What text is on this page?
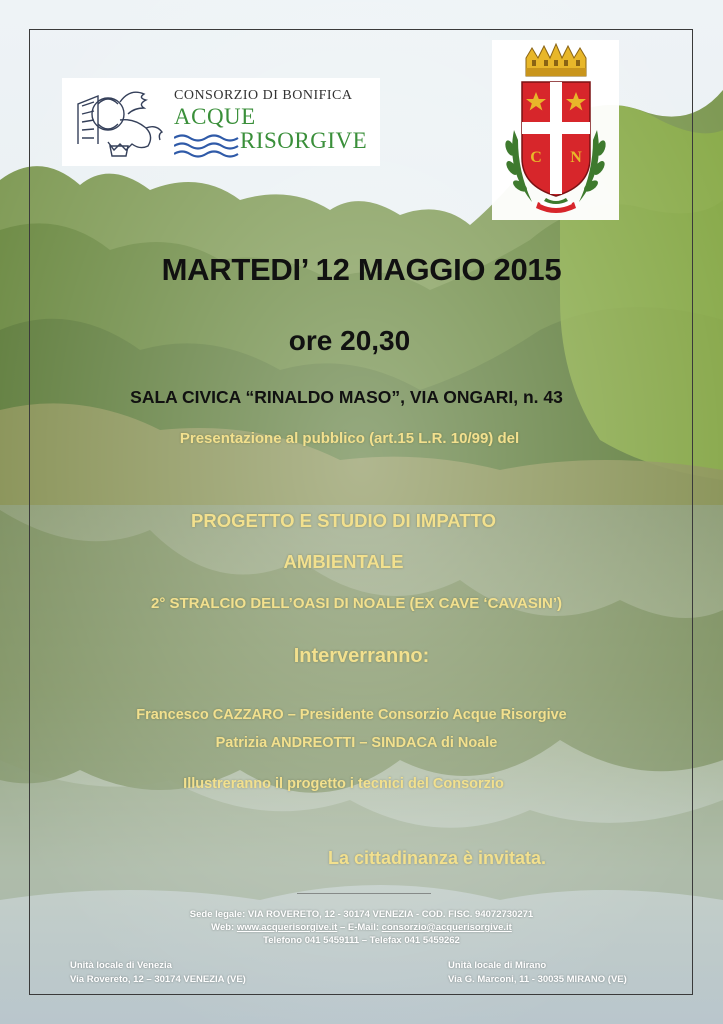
CONSORZIO DI BONIFICA
ACQUE
RISORGIVE
C N
MARTEDI’ 12 MAGGIO 2015
ore 20,30
SALA CIVICA “RINALDO MASO”, VIA ONGARI, n. 43
Presentazione al pubblico (art.15 L.R. 10/99) del
PROGETTO E STUDIO DI IMPATTO
AMBIENTALE
2° STRALCIO DELL’OASI DI NOALE (EX CAVE ‘CAVASIN’)
Interverranno:
Francesco CAZZARO – Presidente Consorzio Acque Risorgive
Patrizia ANDREOTTI – SINDACA di Noale
Illustreranno il progetto i tecnici del Consorzio
La cittadinanza è invitata.
Sede legale: VIA ROVERETO, 12 - 30174 VENEZIA - COD. FISC. 94072730271
Web: www.acquerisorgive.it – E-Mail: consorzio@acquerisorgive.it
Telefono 041 5459111 – Telefax 041 5459262
Unità locale di Venezia
Via Rovereto, 12 – 30174 VENEZIA (VE)
Unità locale di Mirano
Via G. Marconi, 11 - 30035 MIRANO (VE)
